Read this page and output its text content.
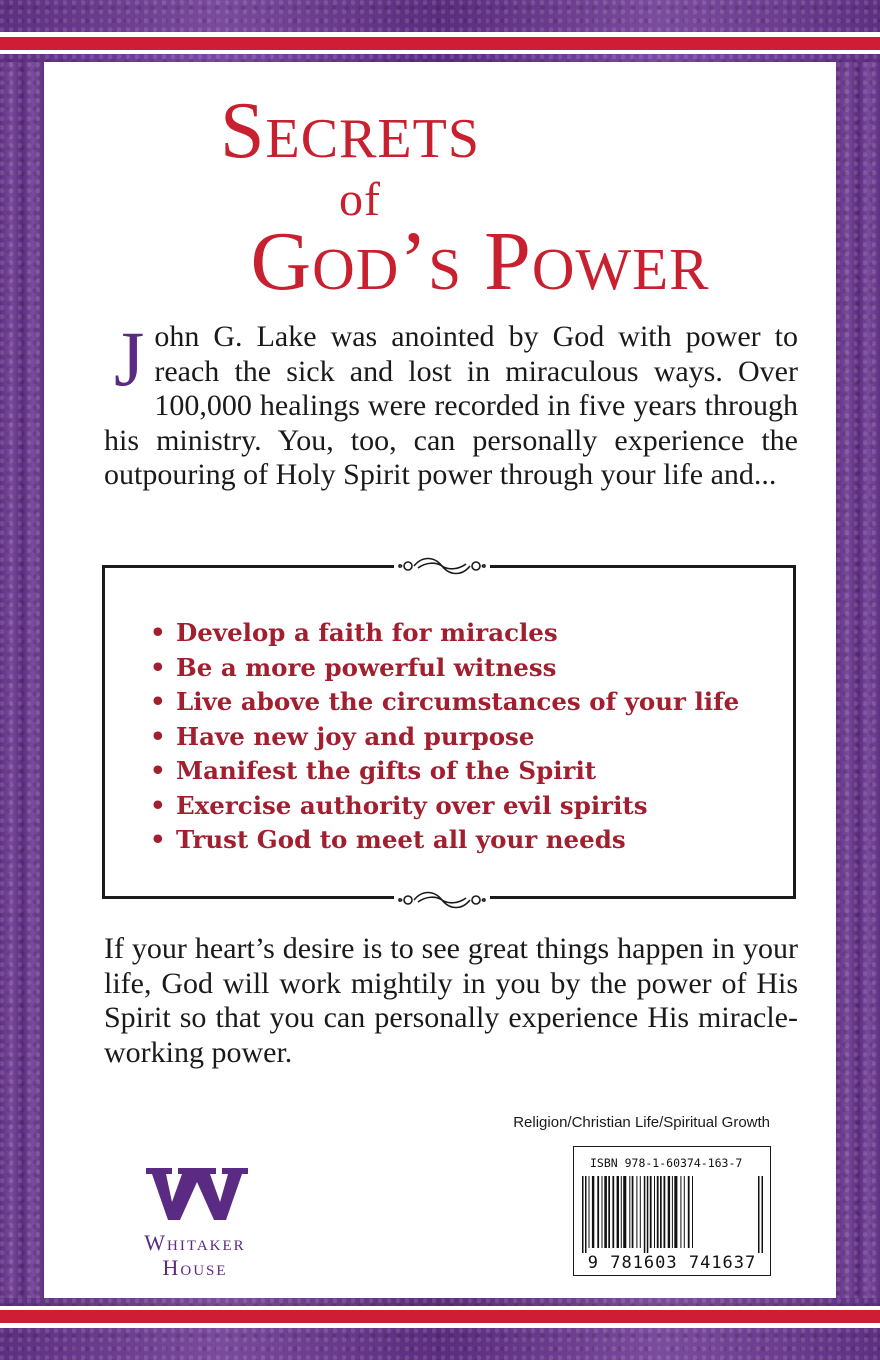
Secrets
of
God’s Power

John G. Lake was anointed by God with power to reach the sick and lost in miraculous ways. Over 100,000 healings were recorded in five years through his ministry. You, too, can personally experience the outpouring of Holy Spirit power through your life and...

• Develop a faith for miracles
• Be a more powerful witness
• Live above the circumstances of your life
• Have new joy and purpose
• Manifest the gifts of the Spirit
• Exercise authority over evil spirits
• Trust God to meet all your needs

If your heart’s desire is to see great things happen in your life, God will work mightily in you by the power of His Spirit so that you can personally experience His miracle-working power.

Religion/Christian Life/Spiritual Growth
ISBN 978-1-60374-163-7
9 781603 741637
Whitaker
House
